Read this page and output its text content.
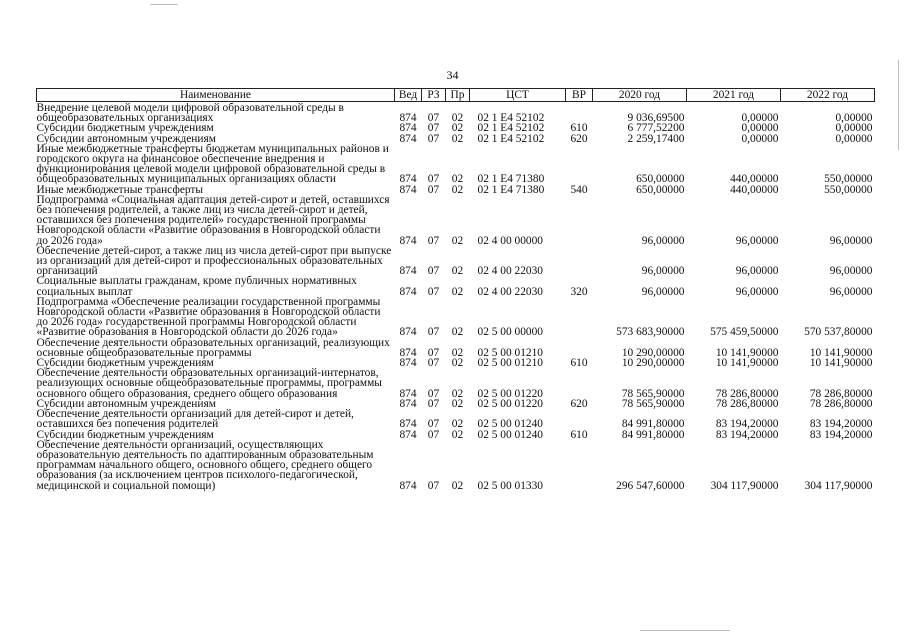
34
Наименование	Вед	РЗ	Пр	ЦСТ	ВР	2020 год	2021 год	2022 год
Внедрение целевой модели цифровой образовательной среды в общеобразовательных организациях	874	07	02	02 1 E4 52102		9 036,69500	0,00000	0,00000
Субсидии бюджетным учреждениям	874	07	02	02 1 E4 52102	610	6 777,52200	0,00000	0,00000
Субсидии автономным учреждениям	874	07	02	02 1 E4 52102	620	2 259,17400	0,00000	0,00000
Иные межбюджетные трансферты бюджетам муниципальных районов и городского округа на финансовое обеспечение внедрения и функционирования целевой модели цифровой образовательной среды в общеобразовательных муниципальных организациях области	874	07	02	02 1 E4 71380		650,00000	440,00000	550,00000
Иные межбюджетные трансферты	874	07	02	02 1 E4 71380	540	650,00000	440,00000	550,00000
Подпрограмма «Социальная адаптация детей-сирот и детей, оставшихся без попечения родителей, а также лиц из числа детей-сирот и детей, оставшихся без попечения родителей» государственной программы Новгородской области «Развитие образования в Новгородской области до 2026 года»	874	07	02	02 4 00 00000		96,00000	96,00000	96,00000
Обеспечение детей-сирот, а также лиц из числа детей-сирот при выпуске из организаций для детей-сирот и профессиональных образовательных организаций	874	07	02	02 4 00 22030		96,00000	96,00000	96,00000
Социальные выплаты гражданам, кроме публичных нормативных социальных выплат	874	07	02	02 4 00 22030	320	96,00000	96,00000	96,00000
Подпрограмма «Обеспечение реализации государственной программы Новгородской области «Развитие образования в Новгородской области до 2026 года» государственной программы Новгородской области «Развитие образования в Новгородской области до 2026 года»	874	07	02	02 5 00 00000		573 683,90000	575 459,50000	570 537,80000
Обеспечение деятельности образовательных организаций, реализующих основные общеобразовательные программы	874	07	02	02 5 00 01210		10 290,00000	10 141,90000	10 141,90000
Субсидии бюджетным учреждениям	874	07	02	02 5 00 01210	610	10 290,00000	10 141,90000	10 141,90000
Обеспечение деятельности образовательных организаций-интернатов, реализующих основные общеобразовательные программы, программы основного общего образования, среднего общего образования	874	07	02	02 5 00 01220		78 565,90000	78 286,80000	78 286,80000
Субсидии автономным учреждениям	874	07	02	02 5 00 01220	620	78 565,90000	78 286,80000	78 286,80000
Обеспечение деятельности организаций для детей-сирот и детей, оставшихся без попечения родителей	874	07	02	02 5 00 01240		84 991,80000	83 194,20000	83 194,20000
Субсидии бюджетным учреждениям	874	07	02	02 5 00 01240	610	84 991,80000	83 194,20000	83 194,20000
Обеспечение деятельности организаций, осуществляющих образовательную деятельность по адаптированным образовательным программам начального общего, основного общего, среднего общего образования (за исключением центров психолого-педагогической, медицинской и социальной помощи)	874	07	02	02 5 00 01330		296 547,60000	304 117,90000	304 117,90000
